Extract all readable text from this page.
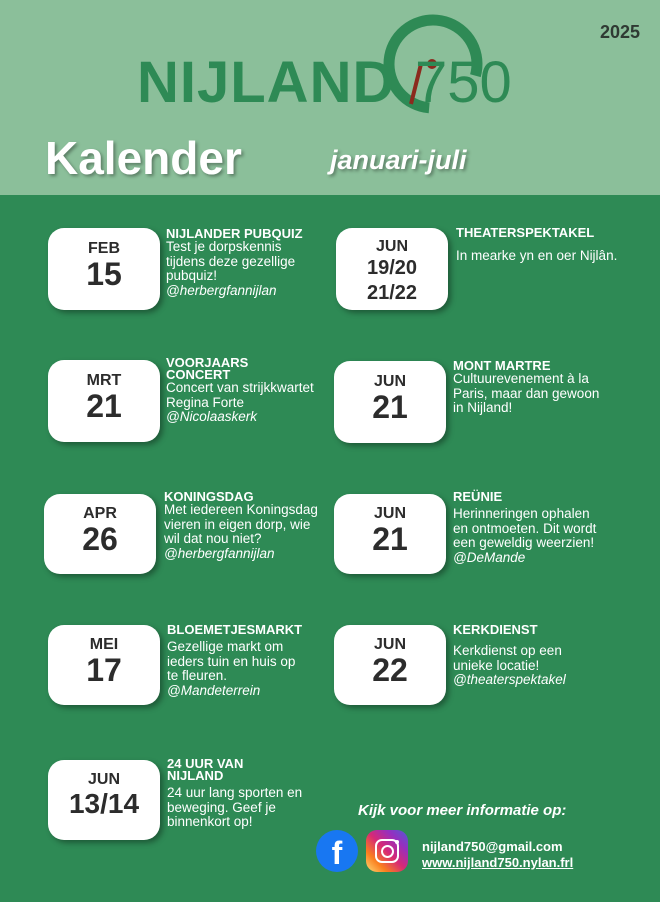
2025
NIJLAND 750
Kalender	januari-juli
FEB
15
NIJLANDER PUBQUIZ
Test je dorpskennis tijdens deze gezellige pubquiz!
@herbergfannijlan
MRT
21
VOORJAARS CONCERT
Concert van strijkkwartet Regina Forte
@Nicolaaskerk
APR
26
KONINGSDAG
Met iedereen Koningsdag vieren in eigen dorp, wie wil dat nou niet?
@herbergfannijlan
MEI
17
BLOEMETJESMARKT
Gezellige markt om ieders tuin en huis op te fleuren.
@Mandeterrein
JUN
13/14
24 UUR VAN NIJLAND
24 uur lang sporten en beweging. Geef je binnenkort op!
JUN
19/20
21/22
THEATERSPEKTAKEL
In mearke yn en oer Nijlân.
JUN
21
MONT MARTRE
Cultuurevenement à la Paris, maar dan gewoon in Nijland!
JUN
21
REÜNIE
Herinneringen ophalen en ontmoeten. Dit wordt een geweldig weerzien!
@DeMande
JUN
22
KERKDIENST
Kerkdienst op een unieke locatie!
@theaterspektakel
Kijk voor meer informatie op:
f	nijland750@gmail.com
www.nijland750.nylan.frl
